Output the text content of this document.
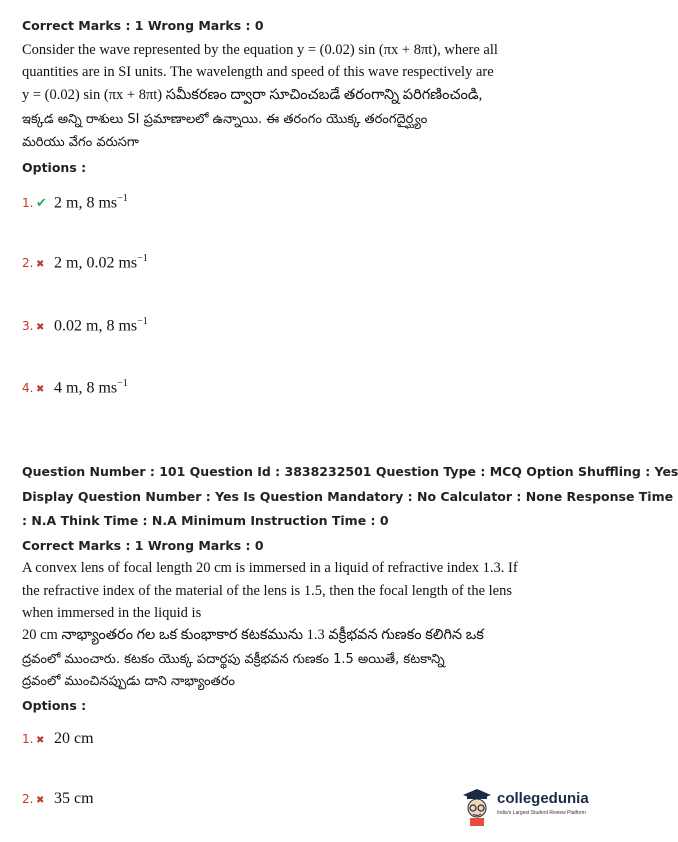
Correct Marks : 1 Wrong Marks : 0
Consider the wave represented by the equation y = (0.02) sin (πx + 8πt), where all
quantities are in SI units. The wavelength and speed of this wave respectively are
y = (0.02) sin (πx + 8πt) సమీకరణం ద్వారా సూచించబడే తరంగాన్ని పరిగణించండి,
ఇక్కడ అన్ని రాశులు SI ప్రమాణాలలో ఉన్నాయి. ఈ తరంగం యొక్క తరంగదైర్ఘ్యం
మరియు వేగం వరుసగా
Options :
1. ✔ 2 m, 8 $ms^{-1}$
2. ✖ 2 m, 0.02 $ms^{-1}$
3. ✖ 0.02 m, 8 $ms^{-1}$
4. ✖ 4 m, 8 $ms^{-1}$
Question Number : 101 Question Id : 3838232501 Question Type : MCQ Option Shuffling : Yes
Display Question Number : Yes Is Question Mandatory : No Calculator : None Response Time
: N.A Think Time : N.A Minimum Instruction Time : 0
Correct Marks : 1 Wrong Marks : 0
A convex lens of focal length 20 cm is immersed in a liquid of refractive index 1.3. If
the refractive index of the material of the lens is 1.5, then the focal length of the lens
when immersed in the liquid is
20 cm నాభ్యాంతరం గల ఒక కుంభాకార కటకమును 1.3 వక్రీభవన గుణకం కలిగిన ఒక
ద్రవంలో ముంచారు. కటకం యొక్క పదార్థపు వక్రీభవన గుణకం 1.5 అయితే, కటకాన్ని
ద్రవంలో ముంచినప్పుడు దాని నాభ్యాంతరం
Options :
1. ✖ 20 cm
2. ✖ 35 cm	collegedunia
India's Largest Student Review Platform
